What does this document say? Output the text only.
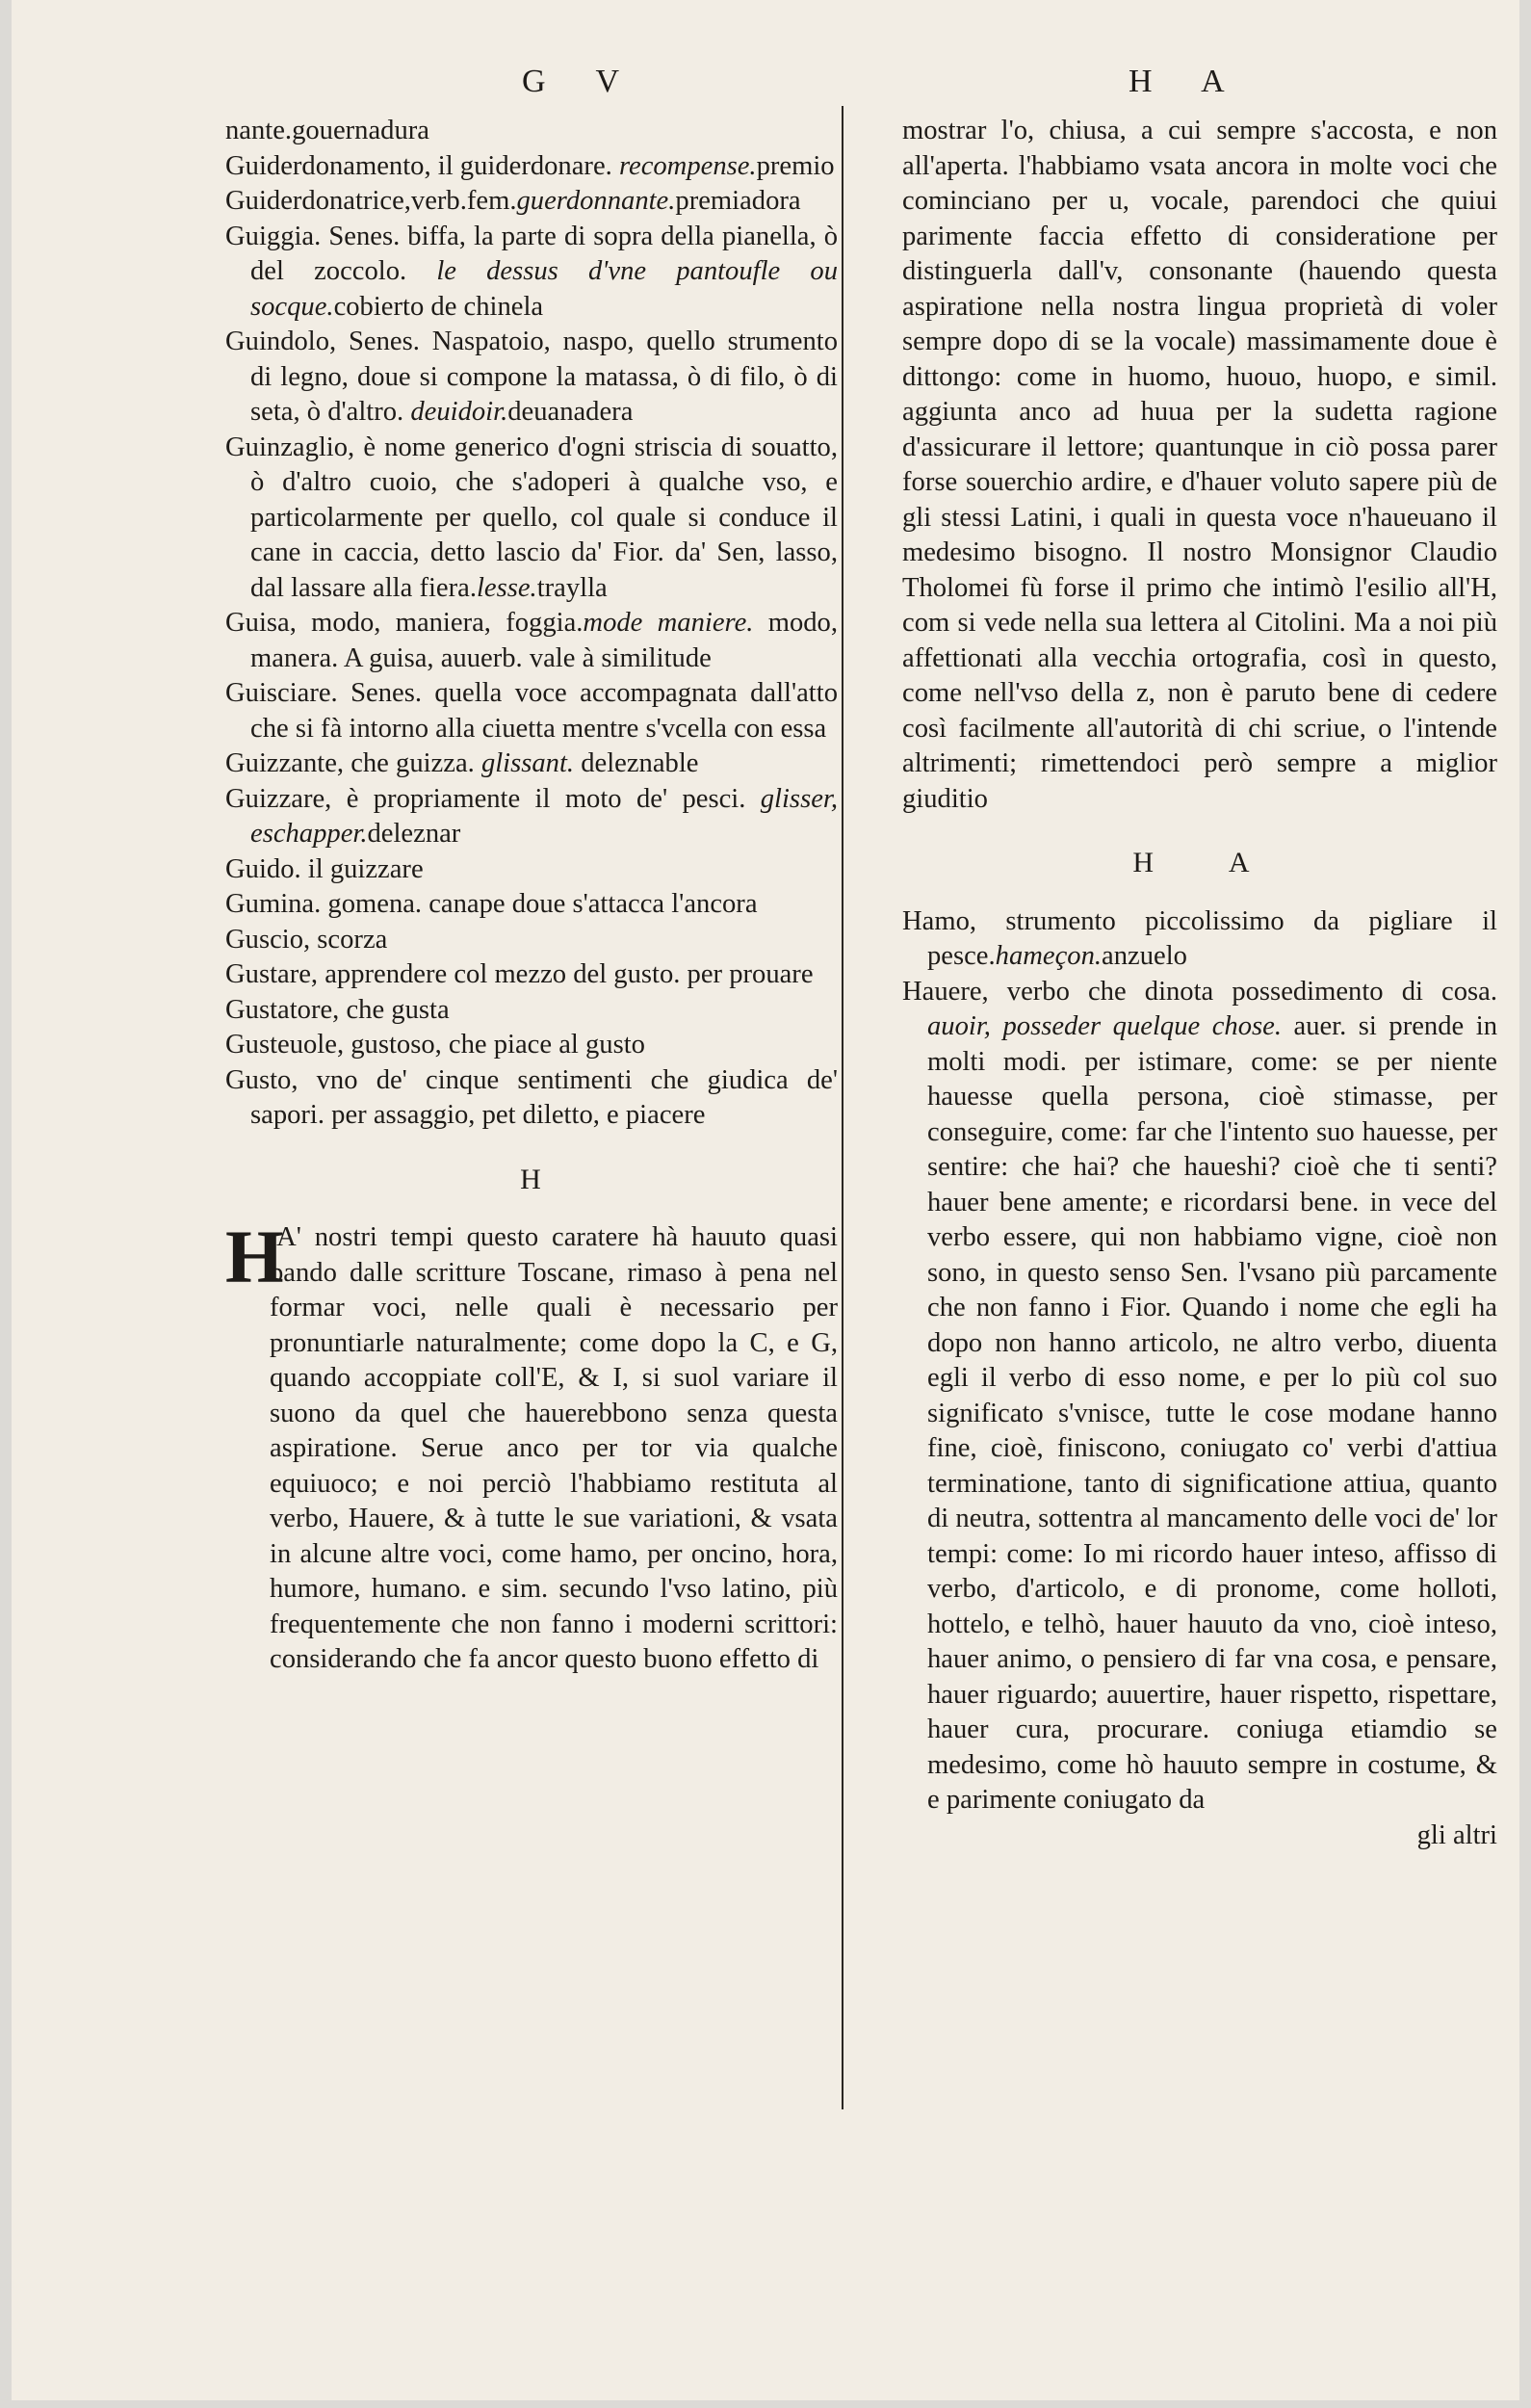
G V	H A
nante.gouernadura
Guiderdonamento, il guiderdonare. recompense.premio
Guiderdonatrice,verb.fem.guerdonnante.premiadora
Guiggia. Senes. biffa, la parte di sopra della pianella, ò del zoccolo. le dessus d'vne pantoufle ou socque.cobierto de chinela
Guindolo, Senes. Naspatoio, naspo, quello strumento di legno, doue si compone la matassa, ò di filo, ò di seta, ò d'altro. deuidoir.deuanadera
Guinzaglio, è nome generico d'ogni striscia di souatto, ò d'altro cuoio, che s'adoperi à qualche vso, e particolarmente per quello, col quale si conduce il cane in caccia, detto lascio da' Fior. da' Sen, lasso, dal lassare alla fiera.lesse.traylla
Guisa, modo, maniera, foggia.mode maniere. modo, manera. A guisa, auuerb. vale à similitude
Guisciare. Senes. quella voce accompagnata dall'atto che si fà intorno alla ciuetta mentre s'vcella con essa
Guizzante, che guizza. glissant. deleznable
Guizzare, è propriamente il moto de' pesci. glisser, eschapper.deleznar
Guido. il guizzare
Gumina. gomena. canape doue s'attacca l'ancora
Guscio, scorza
Gustare, apprendere col mezzo del gusto. per prouare
Gustatore, che gusta
Gusteuole, gustoso, che piace al gusto
Gusto, vno de' cinque sentimenti che giudica de' sapori. per assaggio, pet diletto, e piacere
H
H
.A' nostri tempi questo caratere hà hauuto quasi bando dalle scritture Toscane, rimaso à pena nel formar voci, nelle quali è necessario per pronuntiarle naturalmente; come dopo la C, e G, quando accoppiate coll'E, & I, si suol variare il suono da quel che hauerebbono senza questa aspiratione. Serue anco per tor via qualche equiuoco; e noi perciò l'habbiamo restituta al verbo, Hauere, & à tutte le sue variationi, & vsata in alcune altre voci, come hamo, per oncino, hora, humore, humano. e sim. secundo l'vso latino, più frequentemente che non fanno i moderni scrittori: considerando che fa ancor questo buono effetto di
mostrar l'o, chiusa, a cui sempre s'accosta, e non all'aperta. l'habbiamo vsata ancora in molte voci che cominciano per u, vocale, parendoci che quiui parimente faccia effetto di consideratione per distinguerla dall'v, consonante (hauendo questa aspiratione nella nostra lingua proprietà di voler sempre dopo di se la vocale) massimamente doue è dittongo: come in huomo, huouo, huopo, e simil. aggiunta anco ad huua per la sudetta ragione d'assicurare il lettore; quantunque in ciò possa parer forse souerchio ardire, e d'hauer voluto sapere più de gli stessi Latini, i quali in questa voce n'haueuano il medesimo bisogno. Il nostro Monsignor Claudio Tholomei fù forse il primo che intimò l'esilio all'H, com si vede nella sua lettera al Citolini. Ma a noi più affettionati alla vecchia ortografia, così in questo, come nell'vso della z, non è paruto bene di cedere così facilmente all'autorità di chi scriue, o l'intende altrimenti; rimettendoci però sempre a miglior giuditio
H A
Hamo, strumento piccolissimo da pigliare il pesce.hameçon.anzuelo
Hauere, verbo che dinota possedimento di cosa. auoir, posseder quelque chose. auer. si prende in molti modi. per istimare, come: se per niente hauesse quella persona, cioè stimasse, per conseguire, come: far che l'intento suo hauesse, per sentire: che hai? che haueshi? cioè che ti senti? hauer bene amente; e ricordarsi bene. in vece del verbo essere, qui non habbiamo vigne, cioè non sono, in questo senso Sen. l'vsano più parcamente che non fanno i Fior. Quando i nome che egli ha dopo non hanno articolo, ne altro verbo, diuenta egli il verbo di esso nome, e per lo più col suo significato s'vnisce, tutte le cose modane hanno fine, cioè, finiscono, coniugato co' verbi d'attiua terminatione, tanto di significatione attiua, quanto di neutra, sottentra al mancamento delle voci de' lor tempi: come: Io mi ricordo hauer inteso, affisso di verbo, d'articolo, e di pronome, come holloti, hottelo, e telhò, hauer hauuto da vno, cioè inteso, hauer animo, o pensiero di far vna cosa, e pensare, hauer riguardo; auuertire, hauer rispetto, rispettare, hauer cura, procurare. coniuga etiamdio se medesimo, come hò hauuto sempre in costume, & e parimente coniugato da
gli altri
